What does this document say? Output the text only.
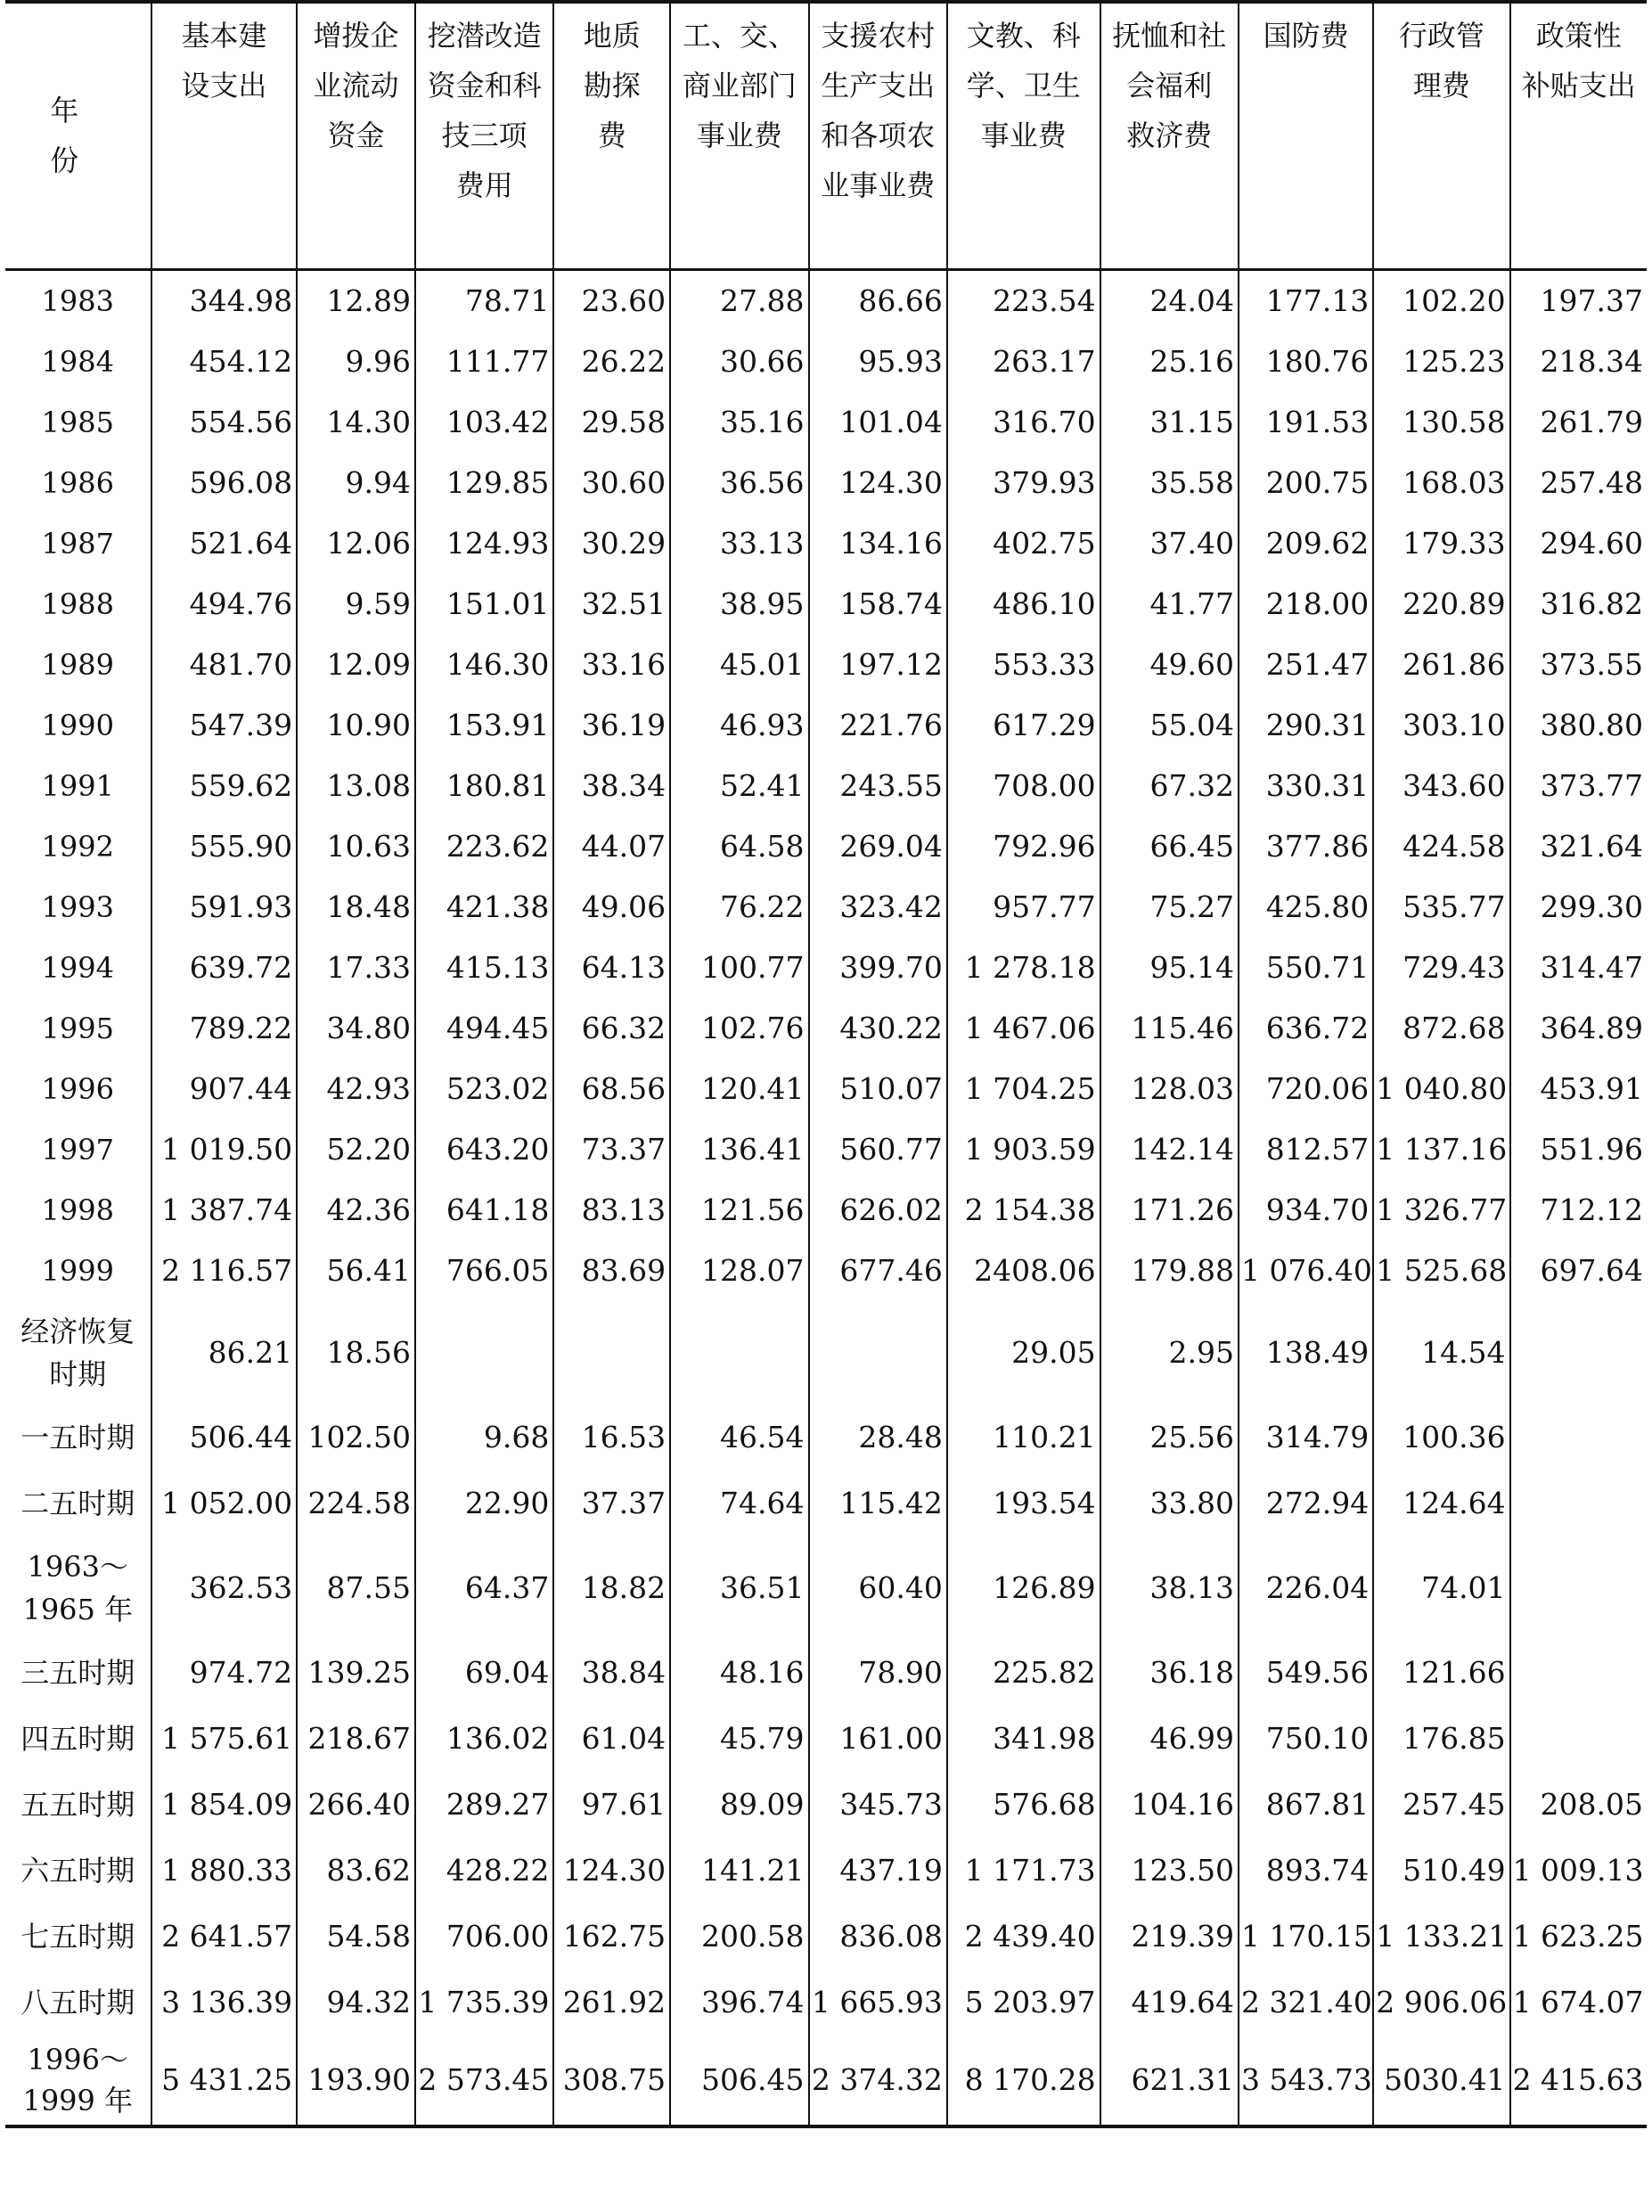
年 份	基本建
设支出	增拨企
业流动
资金	挖潜改造
资金和科
技三项
费用	地质
勘探
费	工、交、
商业部门
事业费	支援农村
生产支出
和各项农
业事业费	文教、科
学、卫生
事业费	抚恤和社
会福利
救济费	国防费	行政管
理费	政策性
补贴支出
1983	344.98	12.89	78.71	23.60	27.88	86.66	223.54	24.04	177.13	102.20	197.37
1984	454.12	9.96	111.77	26.22	30.66	95.93	263.17	25.16	180.76	125.23	218.34
1985	554.56	14.30	103.42	29.58	35.16	101.04	316.70	31.15	191.53	130.58	261.79
1986	596.08	9.94	129.85	30.60	36.56	124.30	379.93	35.58	200.75	168.03	257.48
1987	521.64	12.06	124.93	30.29	33.13	134.16	402.75	37.40	209.62	179.33	294.60
1988	494.76	9.59	151.01	32.51	38.95	158.74	486.10	41.77	218.00	220.89	316.82
1989	481.70	12.09	146.30	33.16	45.01	197.12	553.33	49.60	251.47	261.86	373.55
1990	547.39	10.90	153.91	36.19	46.93	221.76	617.29	55.04	290.31	303.10	380.80
1991	559.62	13.08	180.81	38.34	52.41	243.55	708.00	67.32	330.31	343.60	373.77
1992	555.90	10.63	223.62	44.07	64.58	269.04	792.96	66.45	377.86	424.58	321.64
1993	591.93	18.48	421.38	49.06	76.22	323.42	957.77	75.27	425.80	535.77	299.30
1994	639.72	17.33	415.13	64.13	100.77	399.70	1 278.18	95.14	550.71	729.43	314.47
1995	789.22	34.80	494.45	66.32	102.76	430.22	1 467.06	115.46	636.72	872.68	364.89
1996	907.44	42.93	523.02	68.56	120.41	510.07	1 704.25	128.03	720.06	1 040.80	453.91
1997	1 019.50	52.20	643.20	73.37	136.41	560.77	1 903.59	142.14	812.57	1 137.16	551.96
1998	1 387.74	42.36	641.18	83.13	121.56	626.02	2 154.38	171.26	934.70	1 326.77	712.12
1999	2 116.57	56.41	766.05	83.69	128.07	677.46	2408.06	179.88	1 076.40	1 525.68	697.64
经济恢复
时期	86.21	18.56					29.05	2.95	138.49	14.54	
一五时期	506.44	102.50	9.68	16.53	46.54	28.48	110.21	25.56	314.79	100.36	
二五时期	1 052.00	224.58	22.90	37.37	74.64	115.42	193.54	33.80	272.94	124.64	
1963～
1965 年	362.53	87.55	64.37	18.82	36.51	60.40	126.89	38.13	226.04	74.01	
三五时期	974.72	139.25	69.04	38.84	48.16	78.90	225.82	36.18	549.56	121.66	
四五时期	1 575.61	218.67	136.02	61.04	45.79	161.00	341.98	46.99	750.10	176.85	
五五时期	1 854.09	266.40	289.27	97.61	89.09	345.73	576.68	104.16	867.81	257.45	208.05
六五时期	1 880.33	83.62	428.22	124.30	141.21	437.19	1 171.73	123.50	893.74	510.49	1 009.13
七五时期	2 641.57	54.58	706.00	162.75	200.58	836.08	2 439.40	219.39	1 170.15	1 133.21	1 623.25
八五时期	3 136.39	94.32	1 735.39	261.92	396.74	1 665.93	5 203.97	419.64	2 321.40	2 906.06	1 674.07
1996～
1999 年	5 431.25	193.90	2 573.45	308.75	506.45	2 374.32	8 170.28	621.31	3 543.73	5030.41	2 415.63
